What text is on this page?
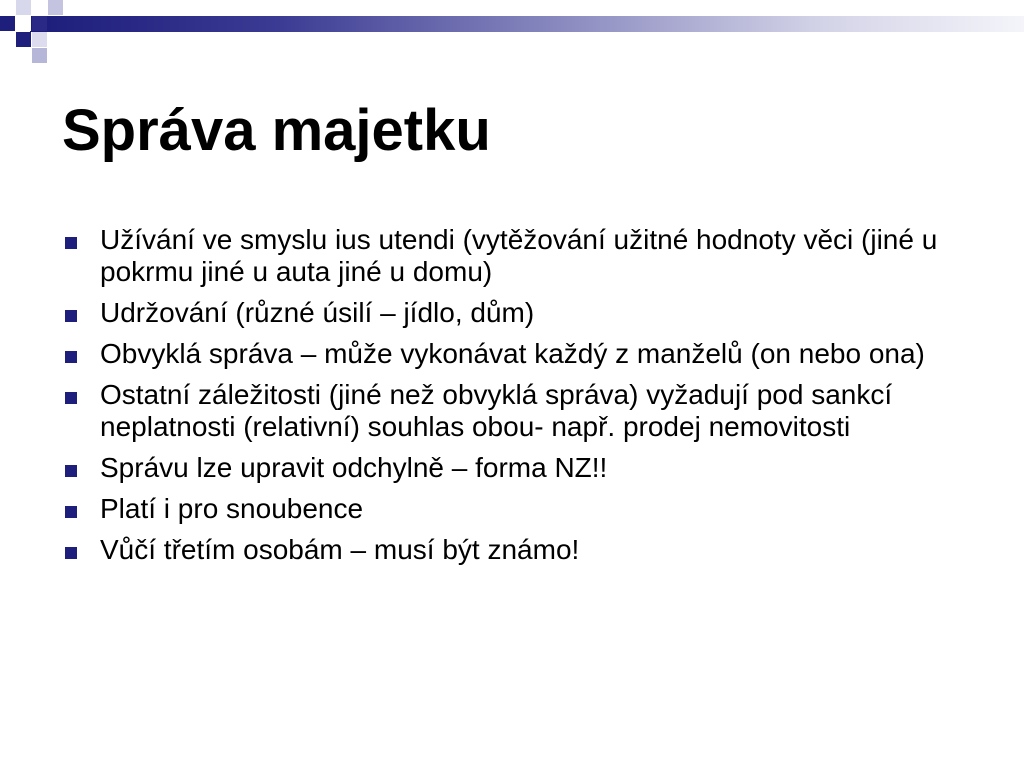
Správa majetku
Užívání ve smyslu ius utendi (vytěžování užitné hodnoty věci (jiné u pokrmu jiné u auta jiné u domu)
Udržování (různé úsilí – jídlo, dům)
Obvyklá správa – může vykonávat každý z manželů (on nebo ona)
Ostatní záležitosti (jiné než obvyklá správa) vyžadují pod sankcí neplatnosti (relativní) souhlas obou- např. prodej nemovitosti
Správu lze upravit odchylně – forma NZ!!
Platí i pro snoubence
Vůčí třetím osobám – musí být známo!
